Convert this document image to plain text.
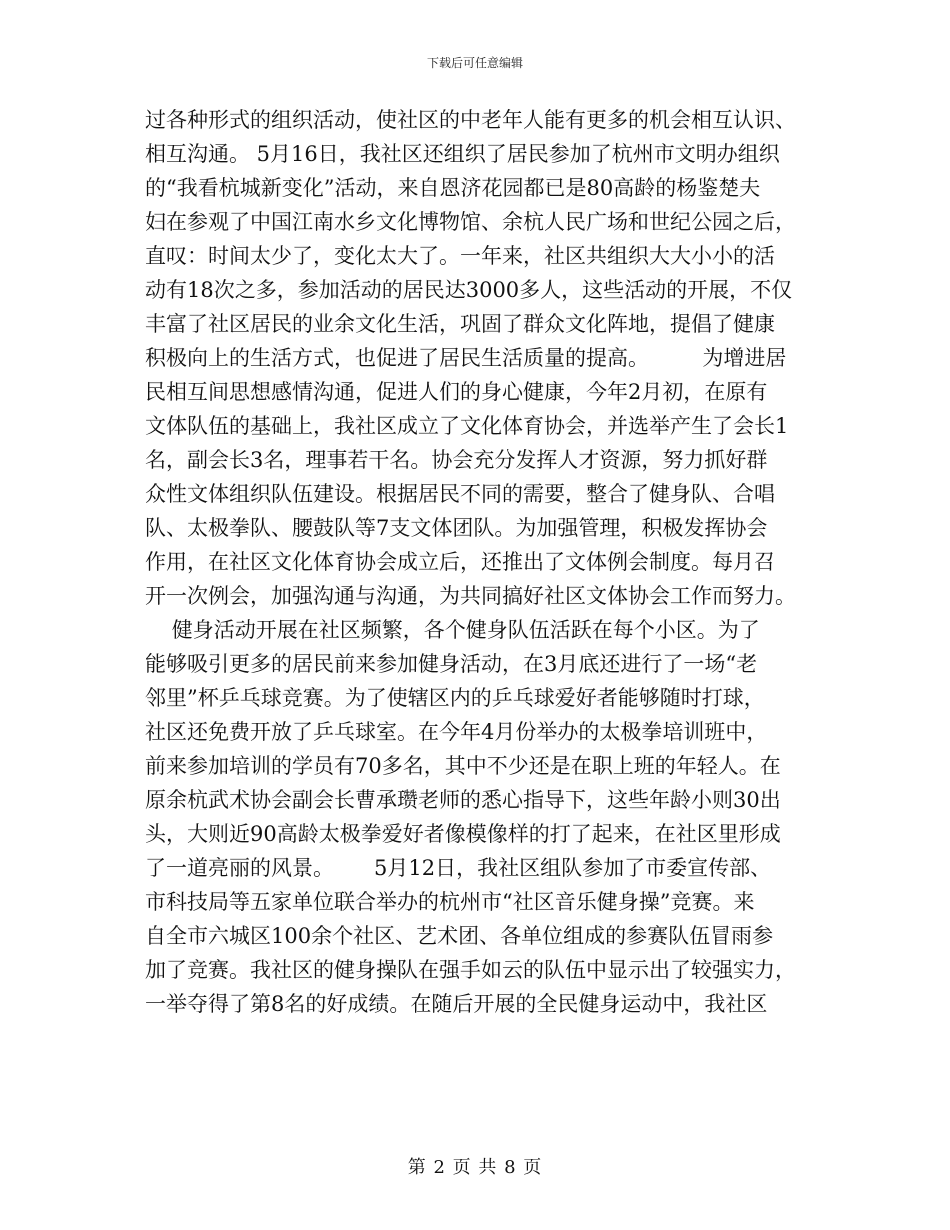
下载后可任意编辑
过各种形式的组织活动，使社区的中老年人能有更多的机会相互认识、
相互沟通。 5月16日，我社区还组织了居民参加了杭州市文明办组织
的“我看杭城新变化”活动，来自恩济花园都已是80高龄的杨鉴楚夫
妇在参观了中国江南水乡文化博物馆、余杭人民广场和世纪公园之后，
直叹：时间太少了，变化太大了。一年来，社区共组织大大小小的活
动有18次之多，参加活动的居民达3000多人，这些活动的开展，不仅
丰富了社区居民的业余文化生活，巩固了群众文化阵地，提倡了健康
积极向上的生活方式，也促进了居民生活质量的提高。        为增进居
民相互间思想感情沟通，促进人们的身心健康，今年2月初，在原有
文体队伍的基础上，我社区成立了文化体育协会，并选举产生了会长1
名，副会长3名，理事若干名。协会充分发挥人才资源，努力抓好群
众性文体组织队伍建设。根据居民不同的需要，整合了健身队、合唱
队、太极拳队、腰鼓队等7支文体团队。为加强管理，积极发挥协会
作用，在社区文化体育协会成立后，还推出了文体例会制度。每月召
开一次例会，加强沟通与沟通，为共同搞好社区文体协会工作而努力。
健身活动开展在社区频繁，各个健身队伍活跃在每个小区。为了
能够吸引更多的居民前来参加健身活动，在3月底还进行了一场“老
邻里”杯乒乓球竞赛。为了使辖区内的乒乓球爱好者能够随时打球，
社区还免费开放了乒乓球室。在今年4月份举办的太极拳培训班中，
前来参加培训的学员有70多名，其中不少还是在职上班的年轻人。在
原余杭武术协会副会长曹承瓒老师的悉心指导下，这些年龄小则30出
头，大则近90高龄太极拳爱好者像模像样的打了起来，在社区里形成
了一道亮丽的风景。      5月12日，我社区组队参加了市委宣传部、
市科技局等五家单位联合举办的杭州市“社区音乐健身操”竞赛。来
自全市六城区100余个社区、艺术团、各单位组成的参赛队伍冒雨参
加了竞赛。我社区的健身操队在强手如云的队伍中显示出了较强实力，
一举夺得了第8名的好成绩。在随后开展的全民健身运动中，我社区
第 2 页 共 8 页
